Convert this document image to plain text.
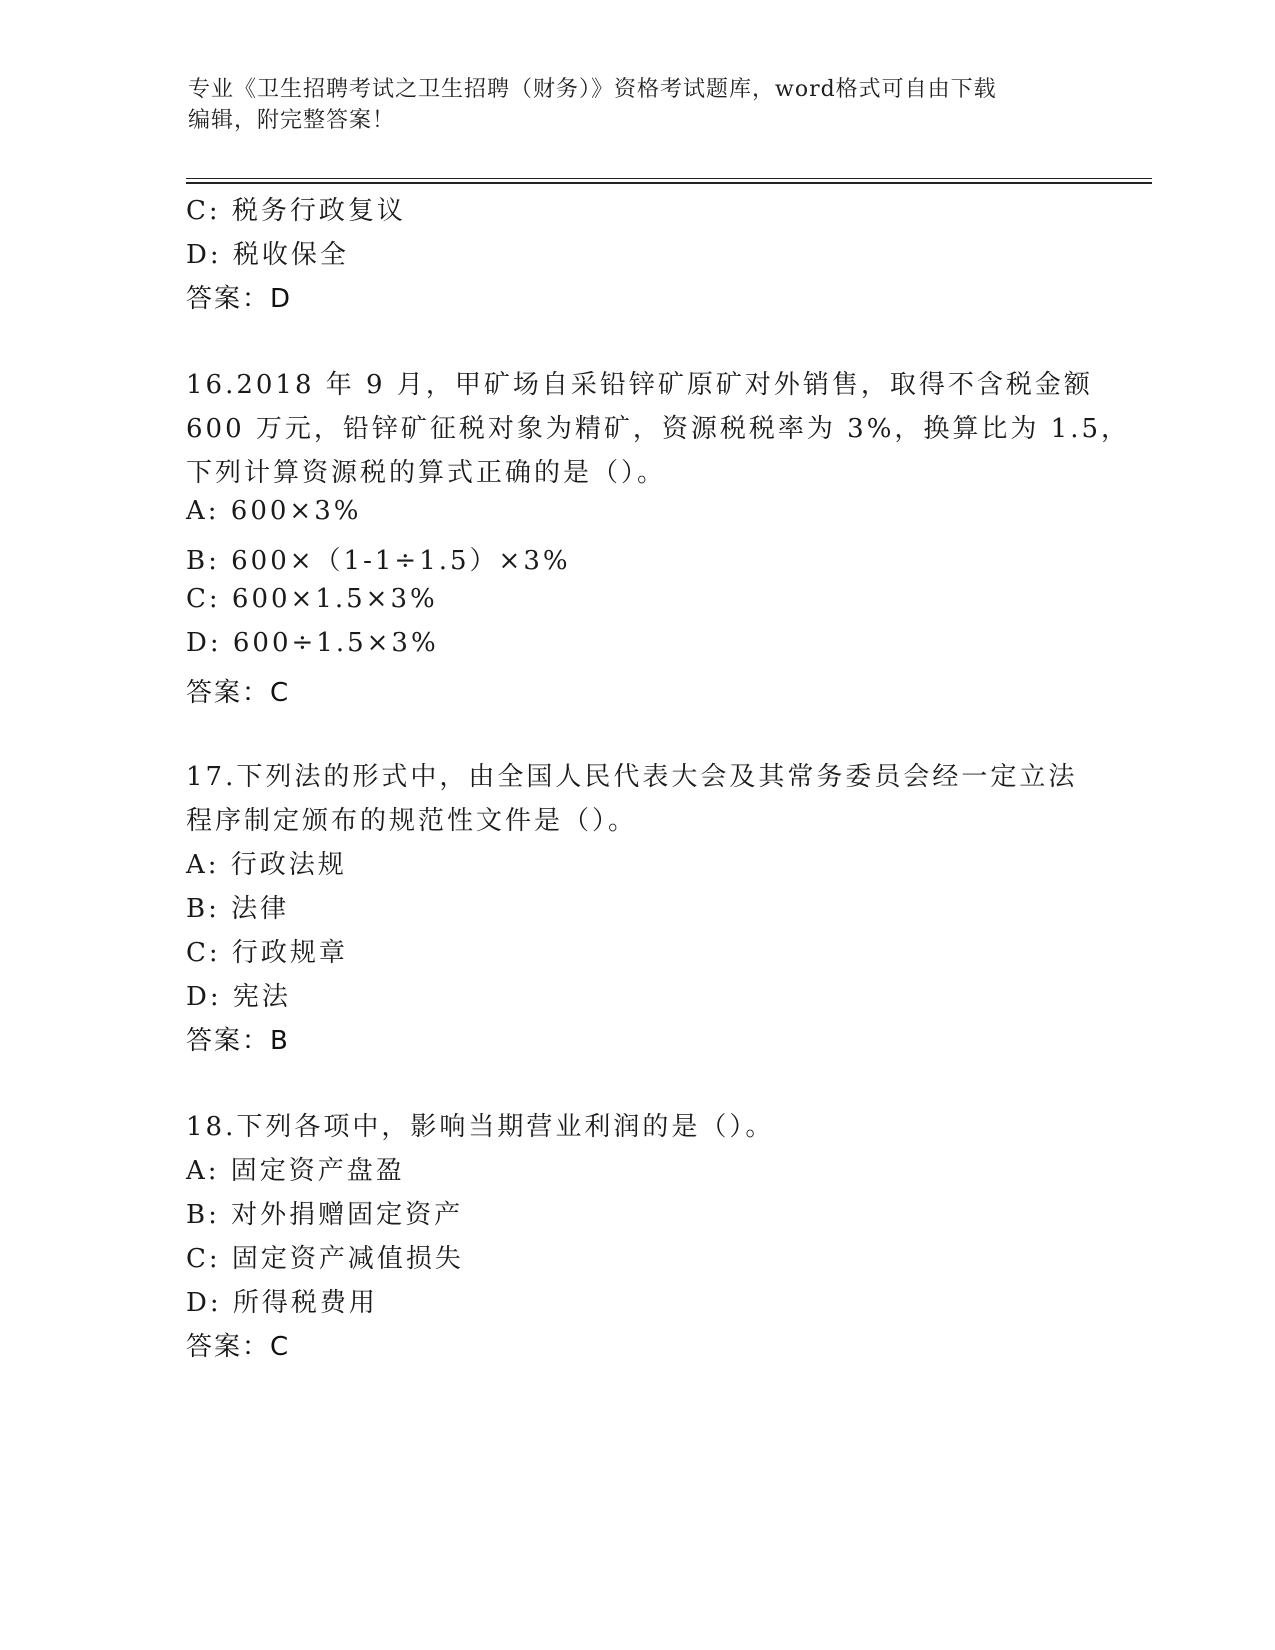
专业《卫生招聘考试之卫生招聘（财务）》资格考试题库，word格式可自由下载
编辑，附完整答案！
C: 税务行政复议
D: 税收保全
答案：D
16.2018 年 9 月，甲矿场自采铅锌矿原矿对外销售，取得不含税金额
600 万元，铅锌矿征税对象为精矿，资源税税率为 3%，换算比为 1.5，
下列计算资源税的算式正确的是（）。
A: 600×3%
B: 600×（1-1÷1.5）×3%
C: 600×1.5×3%
D: 600÷1.5×3%
答案：C
17.下列法的形式中，由全国人民代表大会及其常务委员会经一定立法
程序制定颁布的规范性文件是（）。
A: 行政法规
B: 法律
C: 行政规章
D: 宪法
答案：B
18.下列各项中，影响当期营业利润的是（）。
A: 固定资产盘盈
B: 对外捐赠固定资产
C: 固定资产减值损失
D: 所得税费用
答案：C
